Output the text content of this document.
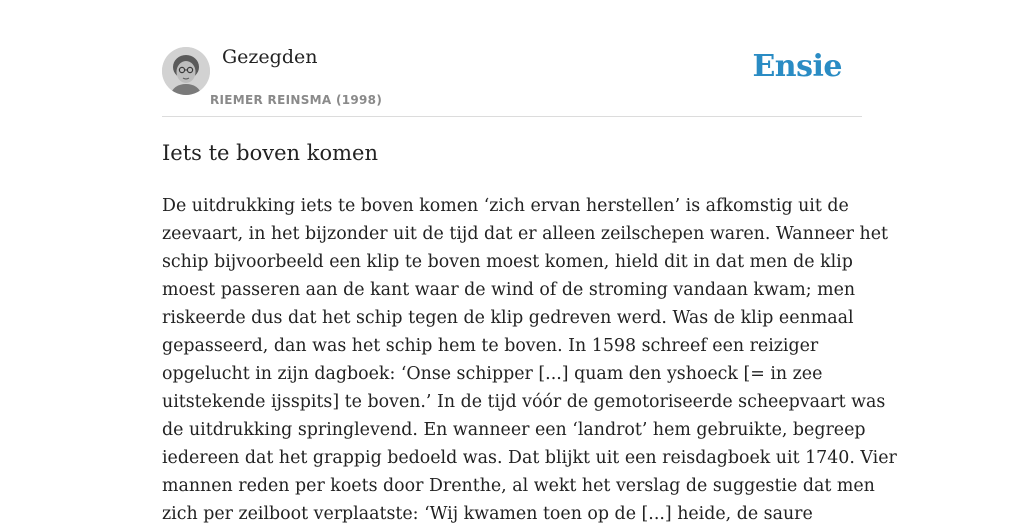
Gezegden
RIEMER REINSMA (1998)
Ensie
Iets te boven komen

De uitdrukking iets te boven komen ‘zich ervan herstellen’ is afkomstig uit de
zeevaart, in het bijzonder uit de tijd dat er alleen zeilschepen waren. Wanneer het
schip bijvoorbeeld een klip te boven moest komen, hield dit in dat men de klip
moest passeren aan de kant waar de wind of de stroming vandaan kwam; men
riskeerde dus dat het schip tegen de klip gedreven werd. Was de klip eenmaal
gepasseerd, dan was het schip hem te boven. In 1598 schreef een reiziger
opgelucht in zijn dagboek: ‘Onse schipper [...] quam den yshoeck [= in zee
uitstekende ijsspits] te boven.’ In de tijd vóór de gemotoriseerde scheepvaart was
de uitdrukking springlevend. En wanneer een ‘landrot’ hem gebruikte, begreep
iedereen dat het grappig bedoeld was. Dat blijkt uit een reisdagboek uit 1740. Vier
mannen reden per koets door Drenthe, al wekt het verslag de suggestie dat men
zich per zeilboot verplaatste: ‘Wij kwamen toen op de [...] heide, de saure
